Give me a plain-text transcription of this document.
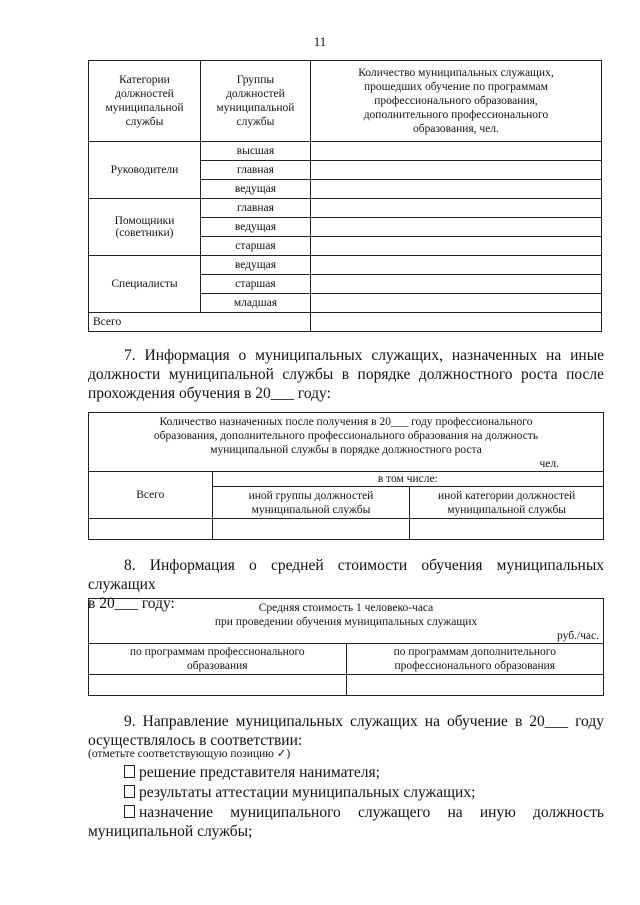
11
Категории должностей муниципальной службы	Группы должностей муниципальной службы	Количество муниципальных служащих, прошедших обучение по программам профессионального образования, дополнительного профессионального образования, чел.
Руководители	высшая	
	главная	
	ведущая	
Помощники (советники)	главная	
	ведущая	
	старшая	
Специалисты	ведущая	
	старшая	
	младшая	
Всего		
7. Информация о муниципальных служащих, назначенных на иные
должности муниципальной службы в порядке должностного роста после
прохождения обучения в 20___ году:
Количество назначенных после получения в 20___ году профессионального образования, дополнительного профессионального образования на должность муниципальной службы в порядке должностного роста
чел.		

Всего	в том числе:	
	иной группы должностей муниципальной службы	иной категории должностей муниципальной службы

8. Информация о средней стоимости обучения муниципальных служащих
в 20___ году:	Средняя стоимость 1 человеко-часа
при проведении обучения муниципальных служащих
руб./час.	

по программам профессионального образования	по программам дополнительного профессионального образования

9. Направление муниципальных служащих на обучение в 20___ году
осуществлялось в соответствии:
(отметьте соответствующую позицию ✓)
решение представителя нанимателя;
результаты аттестации муниципальных служащих;
назначение муниципального служащего на иную должность
муниципальной службы;
